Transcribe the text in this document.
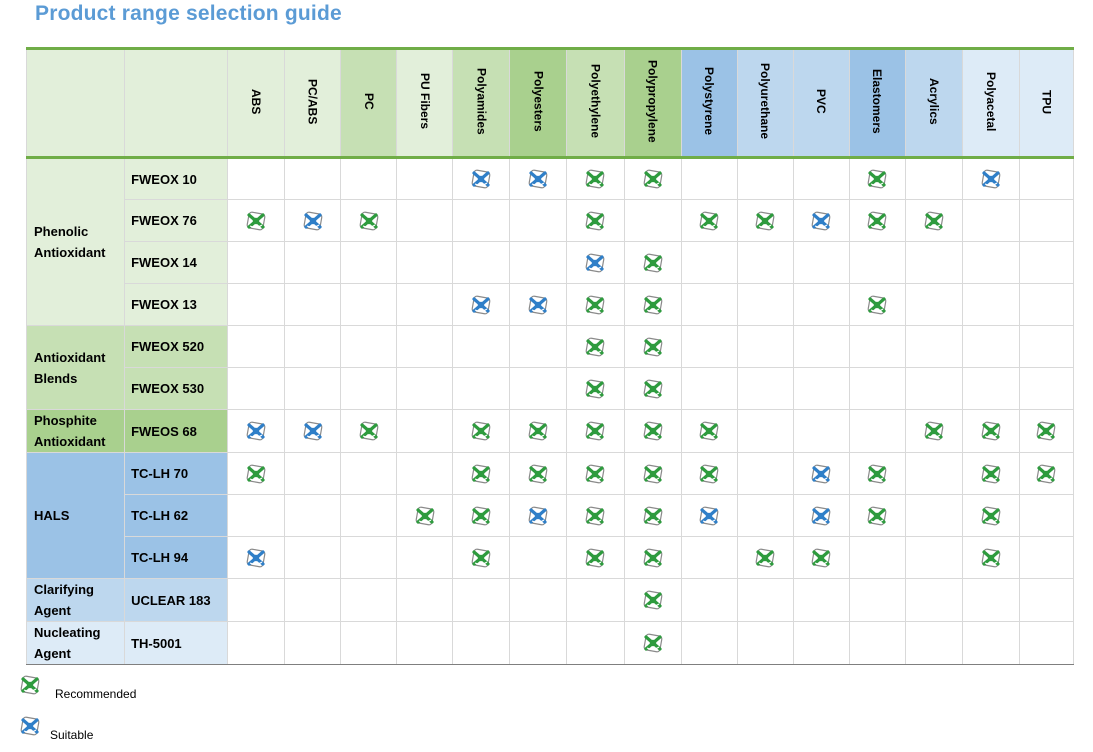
Product range selection guide
		ABS	PC/ABS	PC	PU Fibers	Polyamides	Polyesters	Polyethylene	Polypropylene	Polystyrene	Polyurethane	PVC	Elastomers	Acrylics	Polyacetal	TPU
Phenolic Antioxidant	FWEOX 10															
	FWEOX 76															
	FWEOX 14															
	FWEOX 13															
Antioxidant Blends	FWEOX 520															
	FWEOX 530															
Phosphite Antioxidant	FWEOS 68															
HALS	TC-LH 70															
	TC-LH 62															
	TC-LH 94															
Clarifying Agent	UCLEAR 183															
Nucleating Agent	TH-5001															
Recommended
Suitable
